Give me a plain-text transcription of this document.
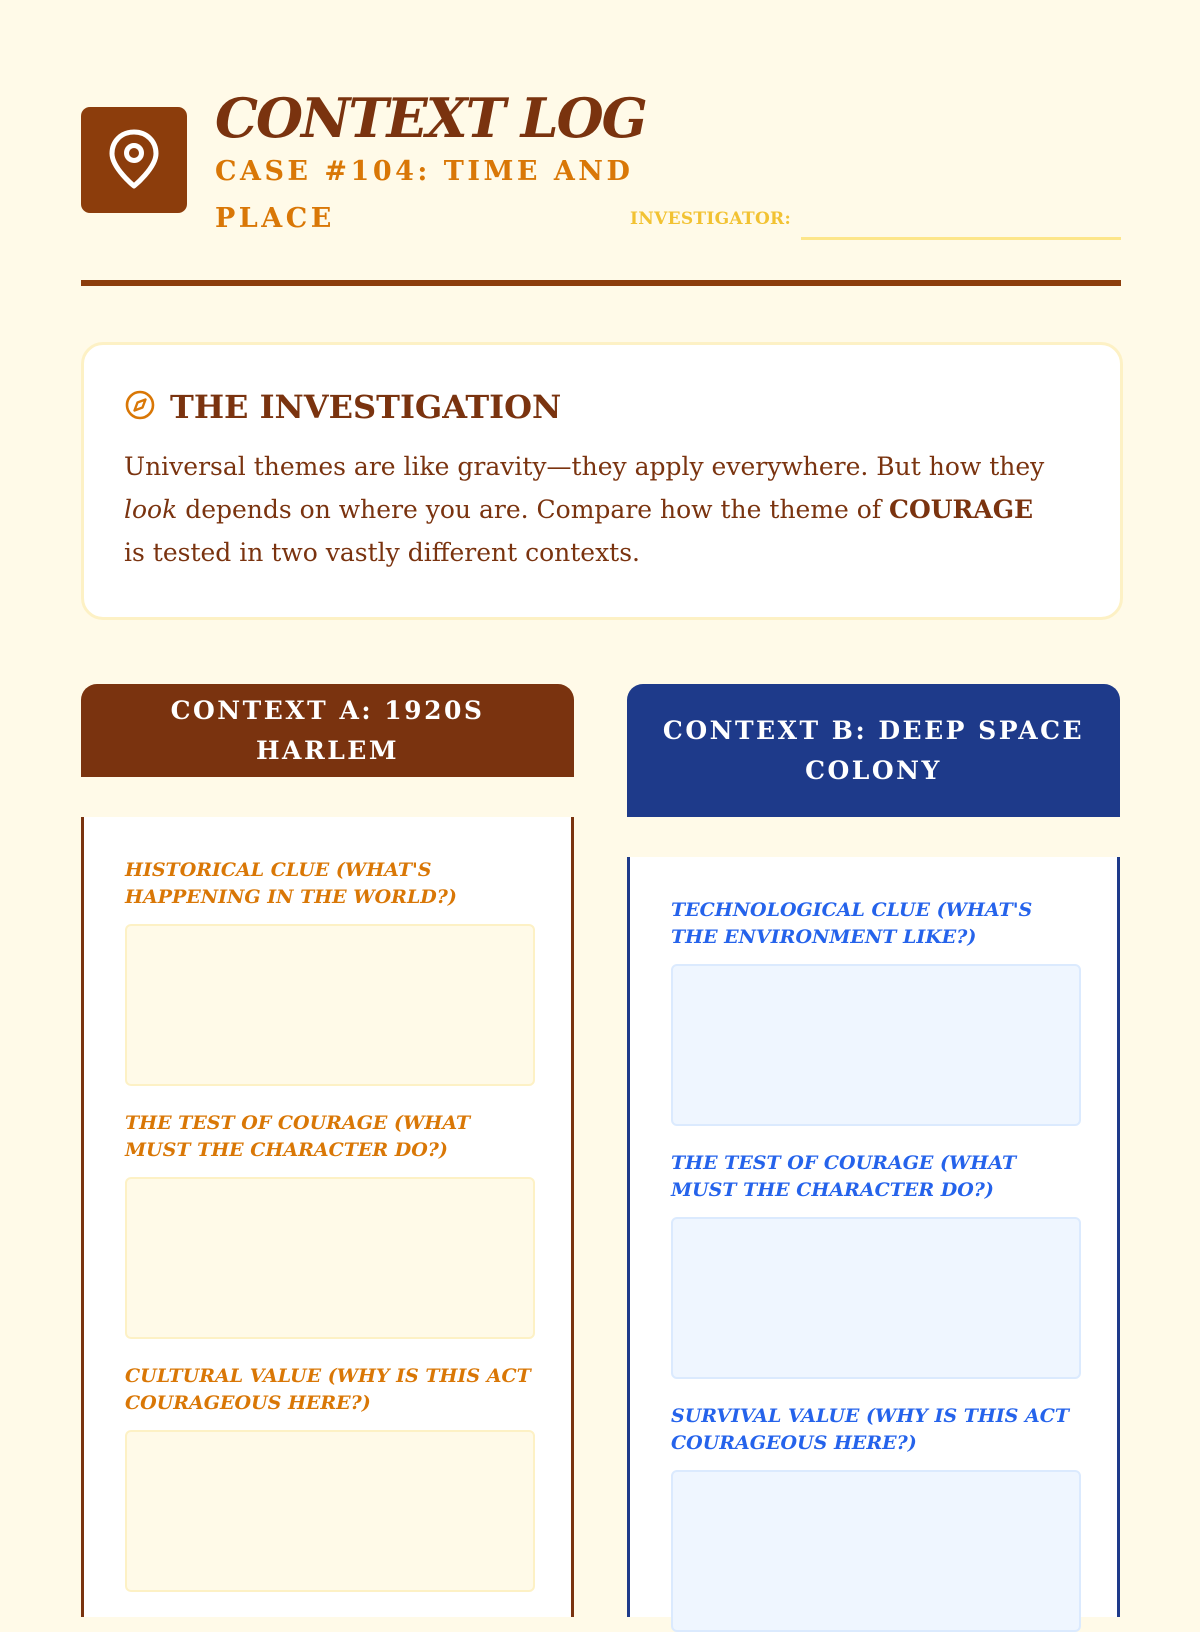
CONTEXT LOG
CASE #104: TIME AND PLACE	INVESTIGATOR:
THE INVESTIGATION

Universal themes are like gravity—they apply everywhere. But how they look depends on where you are. Compare how the theme of COURAGE is tested in two vastly different contexts.

CONTEXT A: 1920S HARLEM
HISTORICAL CLUE (WHAT'S HAPPENING IN THE WORLD?)
THE TEST OF COURAGE (WHAT MUST THE CHARACTER DO?)
CULTURAL VALUE (WHY IS THIS ACT COURAGEOUS HERE?)
CONTEXT B: DEEP SPACE COLONY
TECHNOLOGICAL CLUE (WHAT'S THE ENVIRONMENT LIKE?)
THE TEST OF COURAGE (WHAT MUST THE CHARACTER DO?)
SURVIVAL VALUE (WHY IS THIS ACT COURAGEOUS HERE?)
